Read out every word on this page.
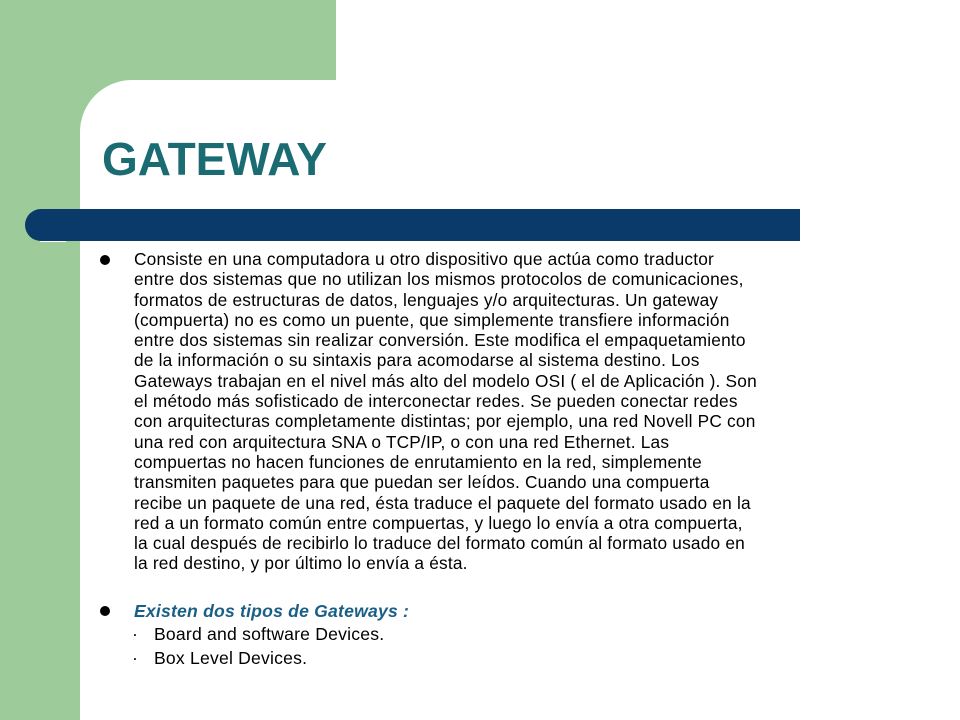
GATEWAY

Consiste en una computadora u otro dispositivo que actúa como traductor
entre dos sistemas que no utilizan los mismos protocolos de comunicaciones,
formatos de estructuras de datos, lenguajes y/o arquitecturas. Un gateway
(compuerta) no es como un puente, que simplemente transfiere información
entre dos sistemas sin realizar conversión. Este modifica el empaquetamiento
de la información o su sintaxis para acomodarse al sistema destino. Los
Gateways trabajan en el nivel más alto del modelo OSI ( el de Aplicación ). Son
el método más sofisticado de interconectar redes. Se pueden conectar redes
con arquitecturas completamente distintas; por ejemplo, una red Novell PC con
una red con arquitectura SNA o TCP/IP, o con una red Ethernet. Las
compuertas no hacen funciones de enrutamiento en la red, simplemente
transmiten paquetes para que puedan ser leídos. Cuando una compuerta
recibe un paquete de una red, ésta traduce el paquete del formato usado en la
red a un formato común entre compuertas, y luego lo envía a otra compuerta,
la cual después de recibirlo lo traduce del formato común al formato usado en
la red destino, y por último lo envía a ésta.

Existen dos tipos de Gateways :

· Board and software Devices.
· Box Level Devices.
